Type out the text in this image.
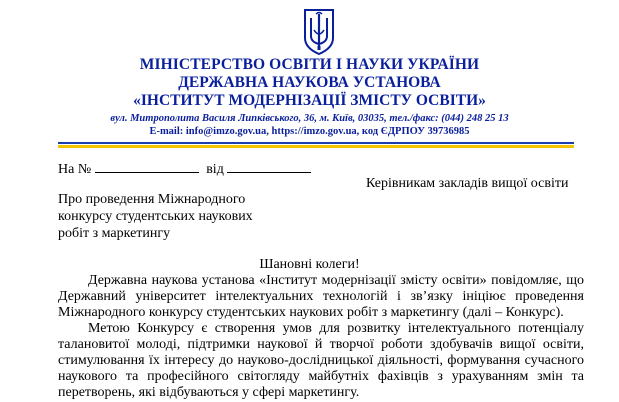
МІНІСТЕРСТВО ОСВІТИ І НАУКИ УКРАЇНИ
ДЕРЖАВНА НАУКОВА УСТАНОВА
«ІНСТИТУТ МОДЕРНІЗАЦІЇ ЗМІСТУ ОСВІТИ»
вул. Митрополита Василя Липківського, 36, м. Київ, 03035, тел./факс: (044) 248 25 13
E-mail: info@imzo.gov.ua, https://imzo.gov.ua, код ЄДРПОУ 39736985
На №	від
Керівникам закладів вищої освіти
Про проведення Міжнародного
конкурсу студентських наукових
робіт з маркетингу
Шановні колеги!
Державна наукова установа «Інститут модернізації змісту освіти» повідомляє, що
Державний університет інтелектуальних технологій і зв’язку ініціює проведення
Міжнародного конкурсу студентських наукових робіт з маркетингу (далі – Конкурс).
Метою Конкурсу є створення умов для розвитку інтелектуального потенціалу
талановитої молоді, підтримки наукової й творчої роботи здобувачів вищої освіти,
стимулювання їх інтересу до науково-дослідницької діяльності, формування сучасного
наукового та професійного світогляду майбутніх фахівців з урахуванням змін та
перетворень, які відбуваються у сфері маркетингу.
